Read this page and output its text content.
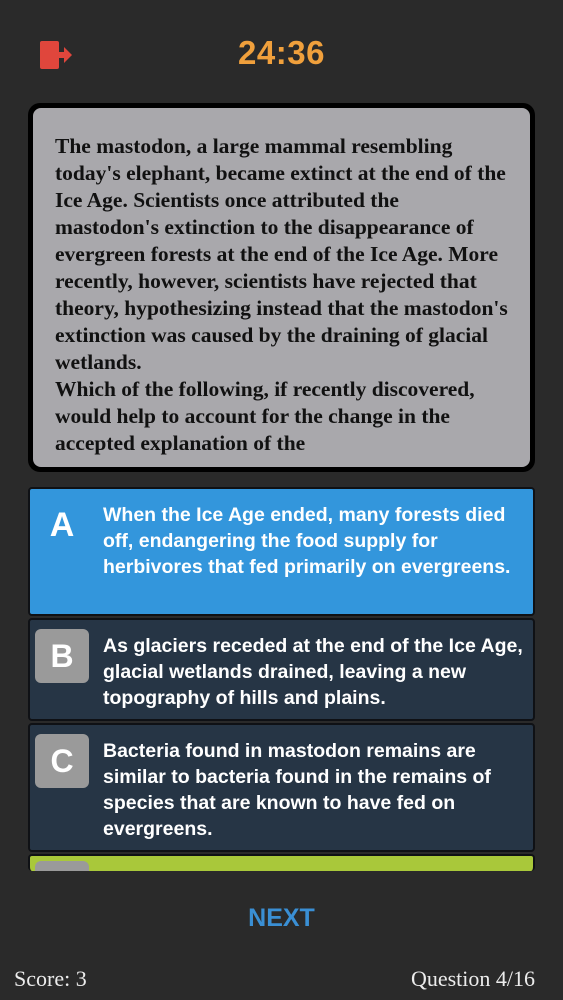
24:36

The mastodon, a large mammal resembling today's elephant, became extinct at the end of the Ice Age. Scientists once attributed the mastodon's extinction to the disappearance of evergreen forests at the end of the Ice Age. More recently, however, scientists have rejected that theory, hypothesizing instead that the mastodon's extinction was caused by the draining of glacial wetlands.
Which of the following, if recently discovered, would help to account for the change in the accepted explanation of the

A	When the Ice Age ended, many forests died off, endangering the food supply for herbivores that fed primarily on evergreens.

B	As glaciers receded at the end of the Ice Age, glacial wetlands drained, leaving a new topography of hills and plains.

C	Bacteria found in mastodon remains are similar to bacteria found in the remains of species that are known to have fed on evergreens.

NEXT
Score: 3	Question 4/16
